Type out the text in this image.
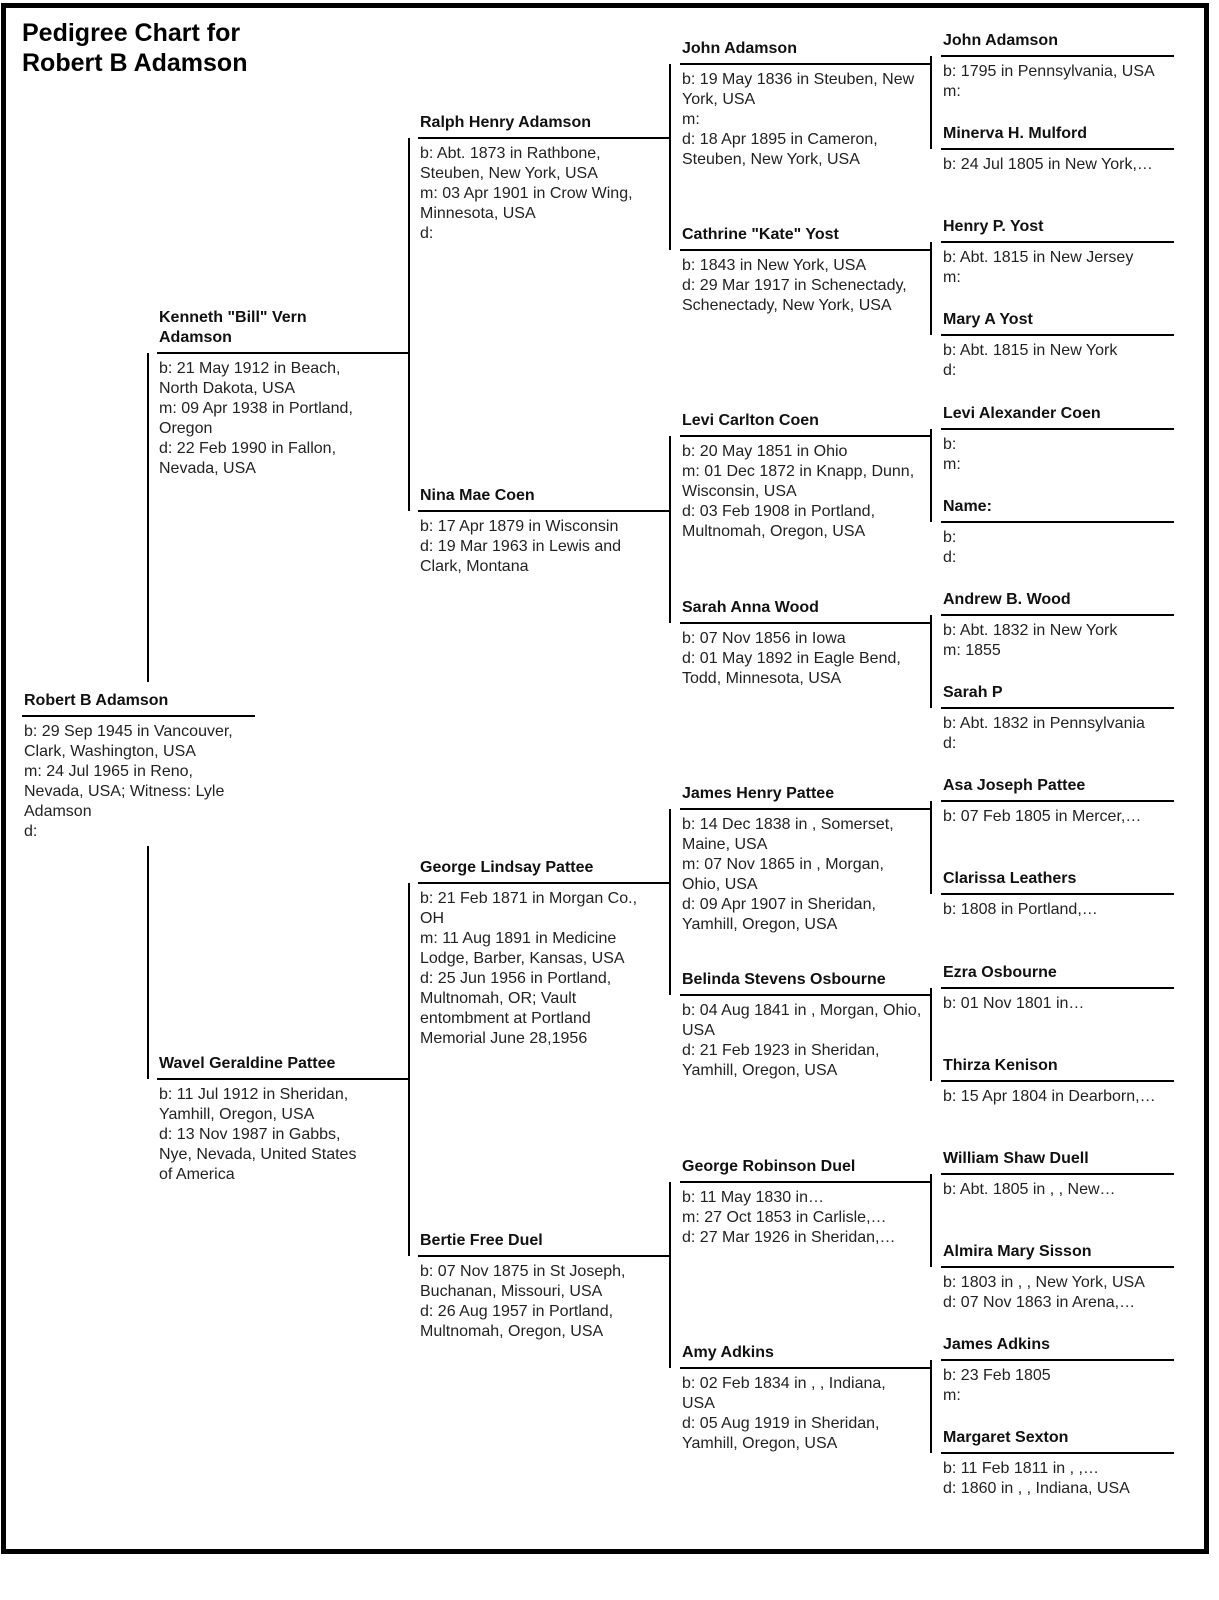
Pedigree Chart for
Robert B Adamson
Robert B Adamson
b: 29 Sep 1945 in Vancouver, Clark, Washington, USA
m: 24 Jul 1965 in Reno, Nevada, USA; Witness: Lyle Adamson
d:
Kenneth "Bill" Vern Adamson
b: 21 May 1912 in Beach, North Dakota, USA
m: 09 Apr 1938 in Portland, Oregon
d: 22 Feb 1990 in Fallon, Nevada, USA
Wavel Geraldine Pattee
b: 11 Jul 1912 in Sheridan, Yamhill, Oregon, USA
d: 13 Nov 1987 in Gabbs, Nye, Nevada, United States of America
Ralph Henry Adamson
b: Abt. 1873 in Rathbone, Steuben, New York, USA
m: 03 Apr 1901 in Crow Wing, Minnesota, USA
d:
Nina Mae Coen
b: 17 Apr 1879 in Wisconsin
d: 19 Mar 1963 in Lewis and Clark, Montana
George Lindsay Pattee
b: 21 Feb 1871 in Morgan Co., OH
m: 11 Aug 1891 in Medicine Lodge, Barber, Kansas, USA
d: 25 Jun 1956 in Portland, Multnomah, OR; Vault entombment at Portland Memorial June 28,1956
Bertie Free Duel
b: 07 Nov 1875 in St Joseph, Buchanan, Missouri, USA
d: 26 Aug 1957 in Portland, Multnomah, Oregon, USA
John Adamson
b: 19 May 1836 in Steuben, New York, USA
m:
d: 18 Apr 1895 in Cameron, Steuben, New York, USA
Cathrine "Kate" Yost
b: 1843 in New York, USA
d: 29 Mar 1917 in Schenectady, Schenectady, New York, USA
Levi Carlton Coen
b: 20 May 1851 in Ohio
m: 01 Dec 1872 in Knapp, Dunn, Wisconsin, USA
d: 03 Feb 1908 in Portland, Multnomah, Oregon, USA
Sarah Anna Wood
b: 07 Nov 1856 in Iowa
d: 01 May 1892 in Eagle Bend, Todd, Minnesota, USA
James Henry Pattee
b: 14 Dec 1838 in , Somerset, Maine, USA
m: 07 Nov 1865 in , Morgan, Ohio, USA
d: 09 Apr 1907 in Sheridan, Yamhill, Oregon, USA
Belinda Stevens Osbourne
b: 04 Aug 1841 in , Morgan, Ohio, USA
d: 21 Feb 1923 in Sheridan, Yamhill, Oregon, USA
George Robinson Duel
b: 11 May 1830 in…
m: 27 Oct 1853 in Carlisle,…
d: 27 Mar 1926 in Sheridan,…
Amy Adkins
b: 02 Feb 1834 in , , Indiana, USA
d: 05 Aug 1919 in Sheridan, Yamhill, Oregon, USA
John Adamson
b: 1795 in Pennsylvania, USA
m:
Minerva H. Mulford
b: 24 Jul 1805 in New York,…
Henry P. Yost
b: Abt. 1815 in New Jersey
m:
Mary A Yost
b: Abt. 1815 in New York
d:
Levi Alexander Coen
b:
m:
Name:
b:
d:
Andrew B. Wood
b: Abt. 1832 in New York
m: 1855
Sarah P
b: Abt. 1832 in Pennsylvania
d:
Asa Joseph Pattee
b: 07 Feb 1805 in Mercer,…
Clarissa Leathers
b: 1808 in Portland,…
Ezra Osbourne
b: 01 Nov 1801 in…
Thirza Kenison
b: 15 Apr 1804 in Dearborn,…
William Shaw Duell
b: Abt. 1805 in , , New…
Almira Mary Sisson
b: 1803 in , , New York, USA
d: 07 Nov 1863 in Arena,…
James Adkins
b: 23 Feb 1805
m:
Margaret Sexton
b: 11 Feb 1811 in , ,…
d: 1860 in , , Indiana, USA
